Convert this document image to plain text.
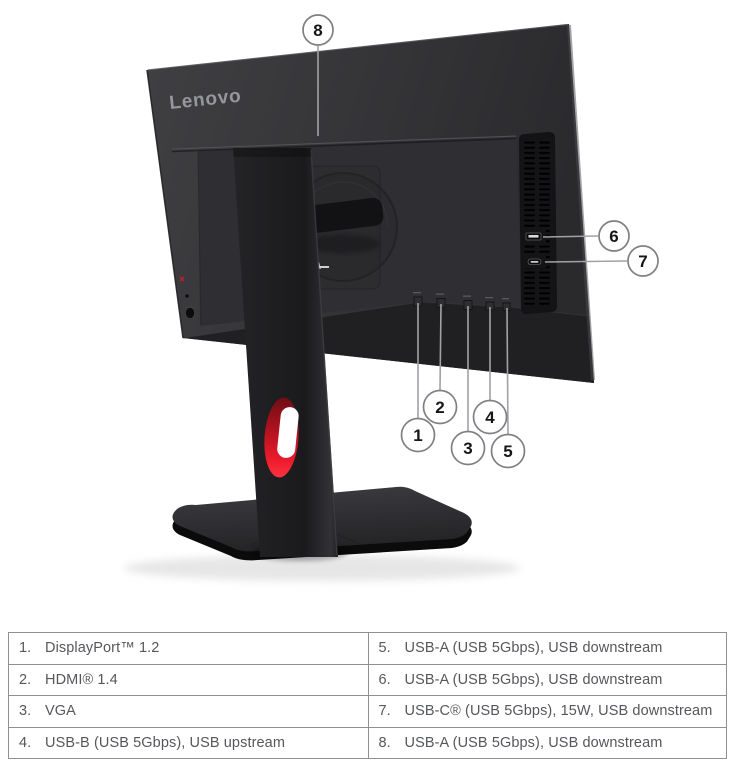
Lenovo
8
6
7
1
2
3
4
5
1. DisplayPort™ 1.2	5. USB-A (USB 5Gbps), USB downstream
2. HDMI® 1.4	6. USB-A (USB 5Gbps), USB downstream
3. VGA	7. USB-C® (USB 5Gbps), 15W, USB downstream
4. USB-B (USB 5Gbps), USB upstream	8. USB-A (USB 5Gbps), USB downstream
